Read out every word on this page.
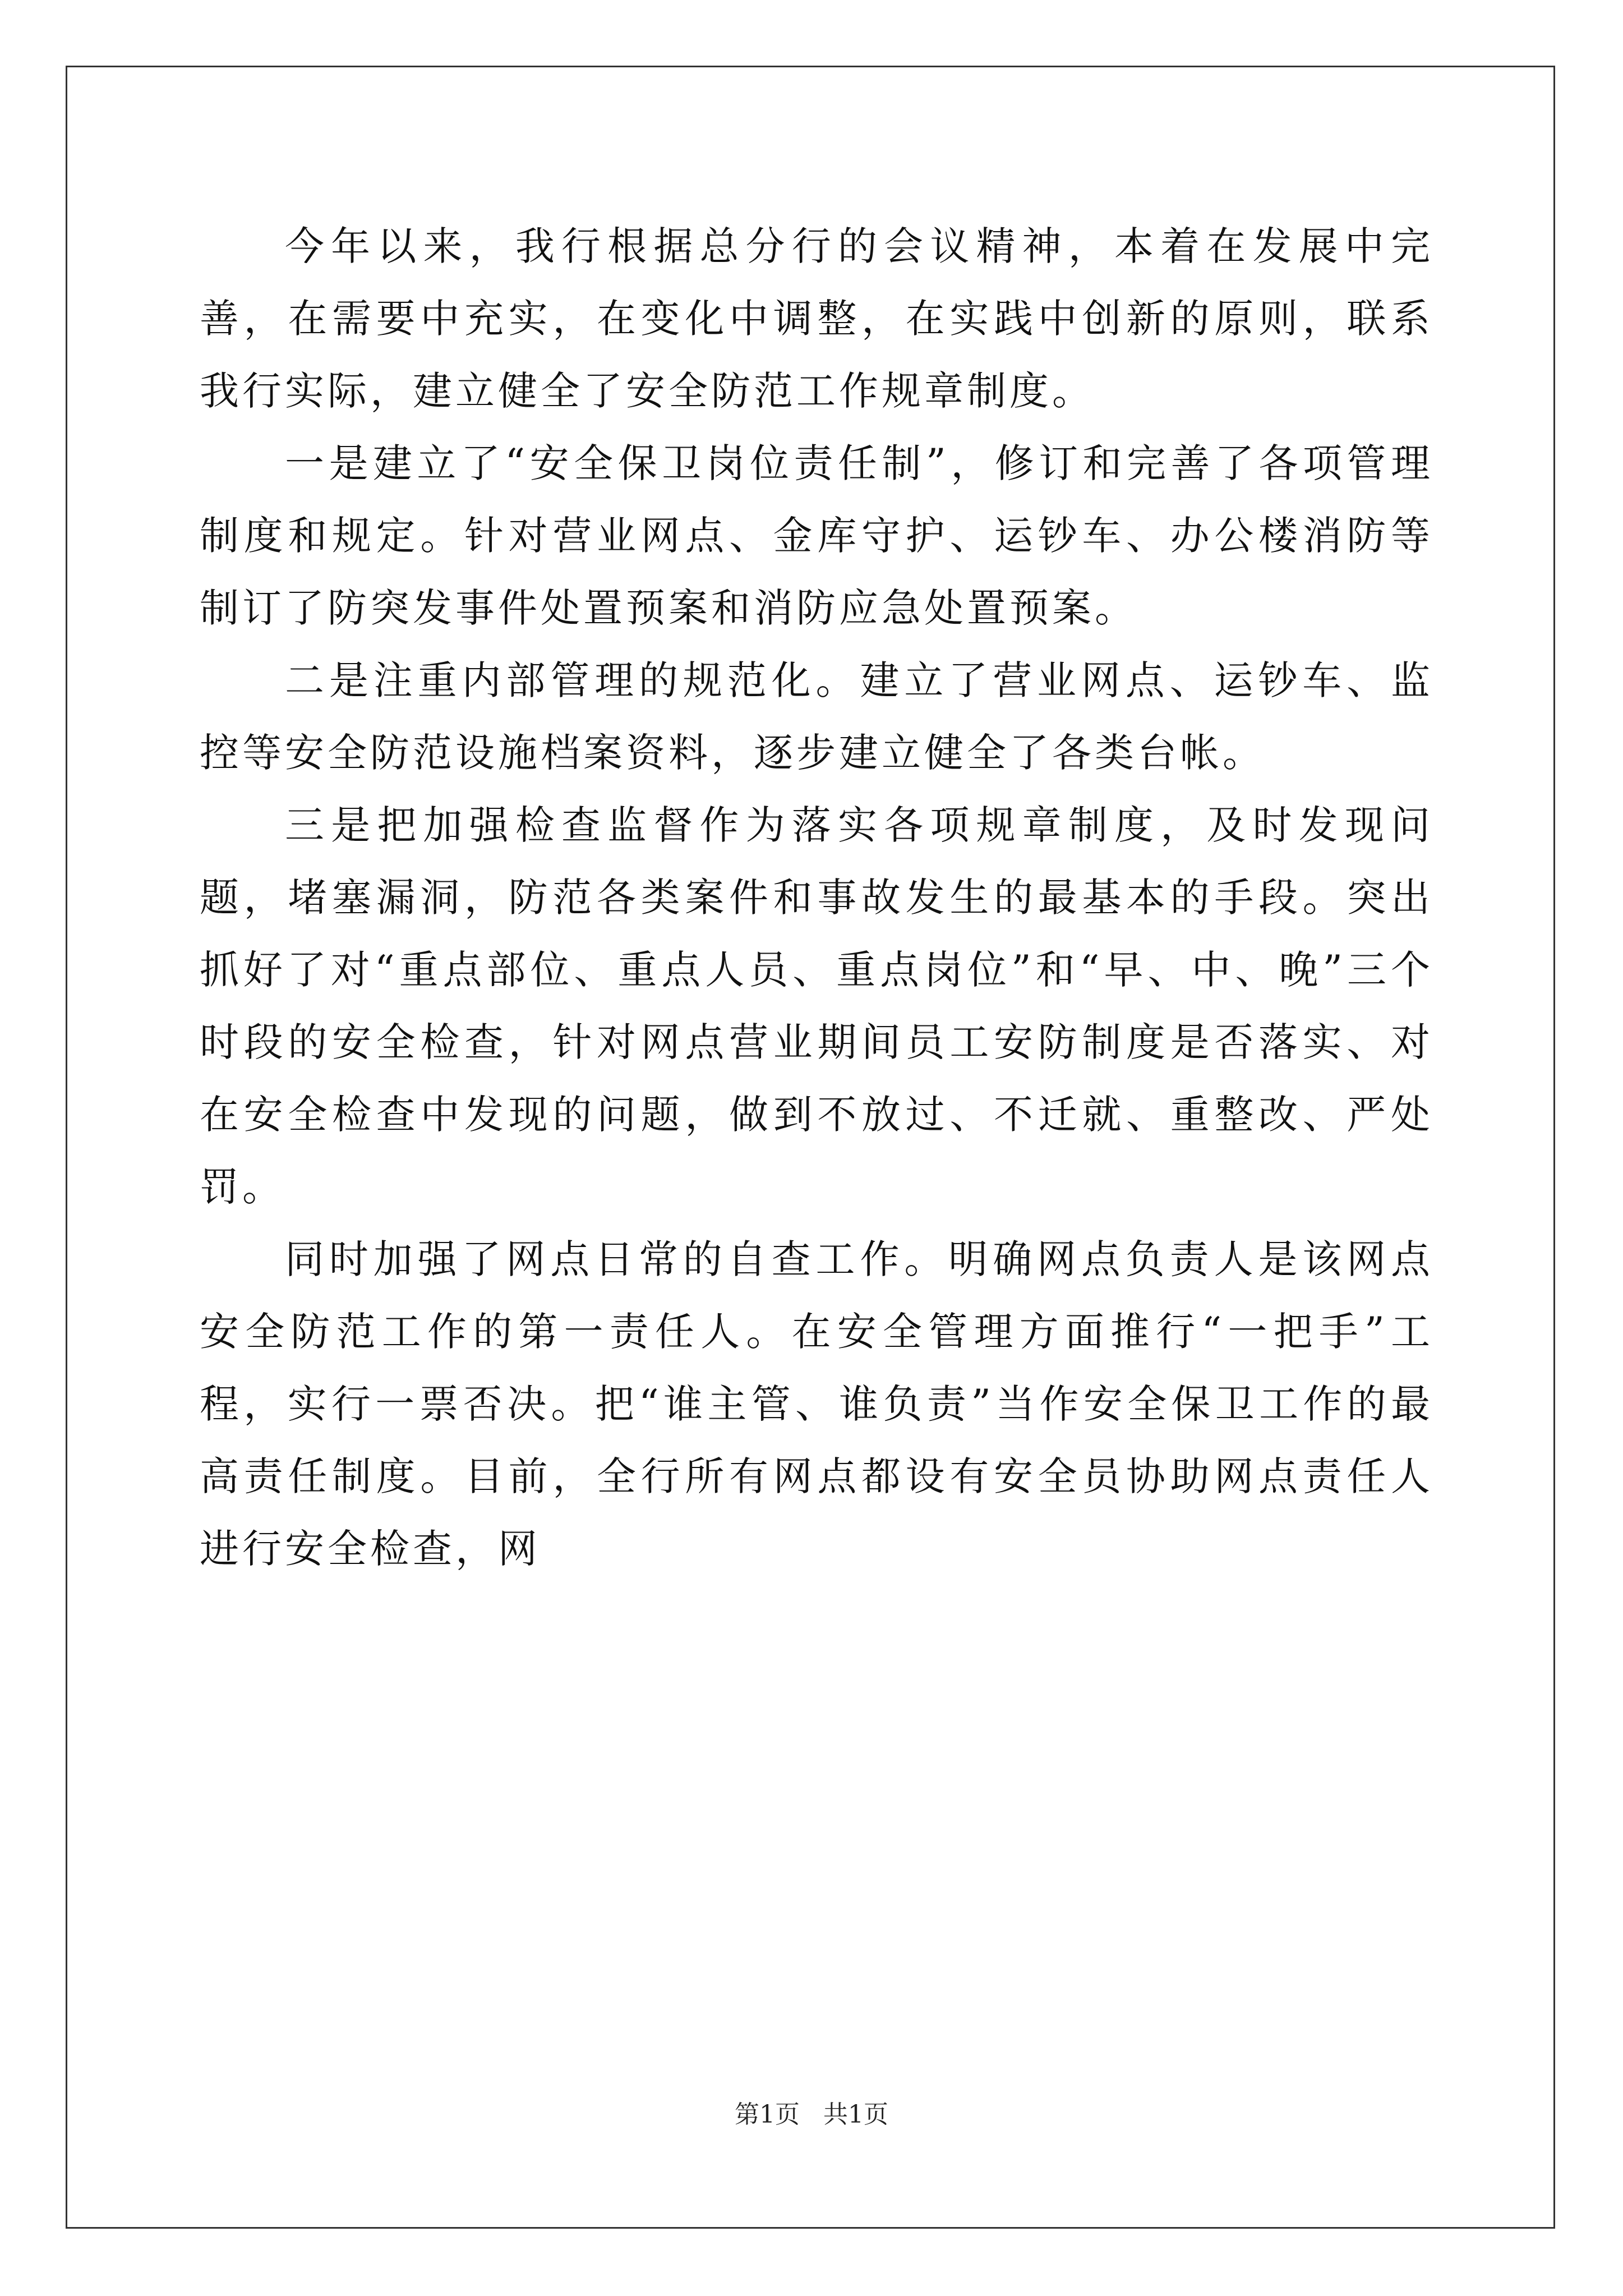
今年以来，我行根据总分行的会议精神，本着在发展中完善，在需要中充实，在变化中调整，在实践中创新的原则，联系我行实际，建立健全了安全防范工作规章制度。

一是建立了“安全保卫岗位责任制”，修订和完善了各项管理制度和规定。针对营业网点、金库守护、运钞车、办公楼消防等制订了防突发事件处置预案和消防应急处置预案。

二是注重内部管理的规范化。建立了营业网点、运钞车、监控等安全防范设施档案资料，逐步建立健全了各类台帐。

三是把加强检查监督作为落实各项规章制度，及时发现问题，堵塞漏洞，防范各类案件和事故发生的最基本的手段。突出抓好了对“重点部位、重点人员、重点岗位”和“早、中、晚”三个时段的安全检查，针对网点营业期间员工安防制度是否落实、对在安全检查中发现的问题，做到不放过、不迁就、重整改、严处罚。

同时加强了网点日常的自查工作。明确网点负责人是该网点安全防范工作的第一责任人。在安全管理方面推行“一把手”工程，实行一票否决。把“谁主管、谁负责”当作安全保卫工作的最高责任制度。目前，全行所有网点都设有安全员协助网点责任人进行安全检查，网

第1页 共1页
